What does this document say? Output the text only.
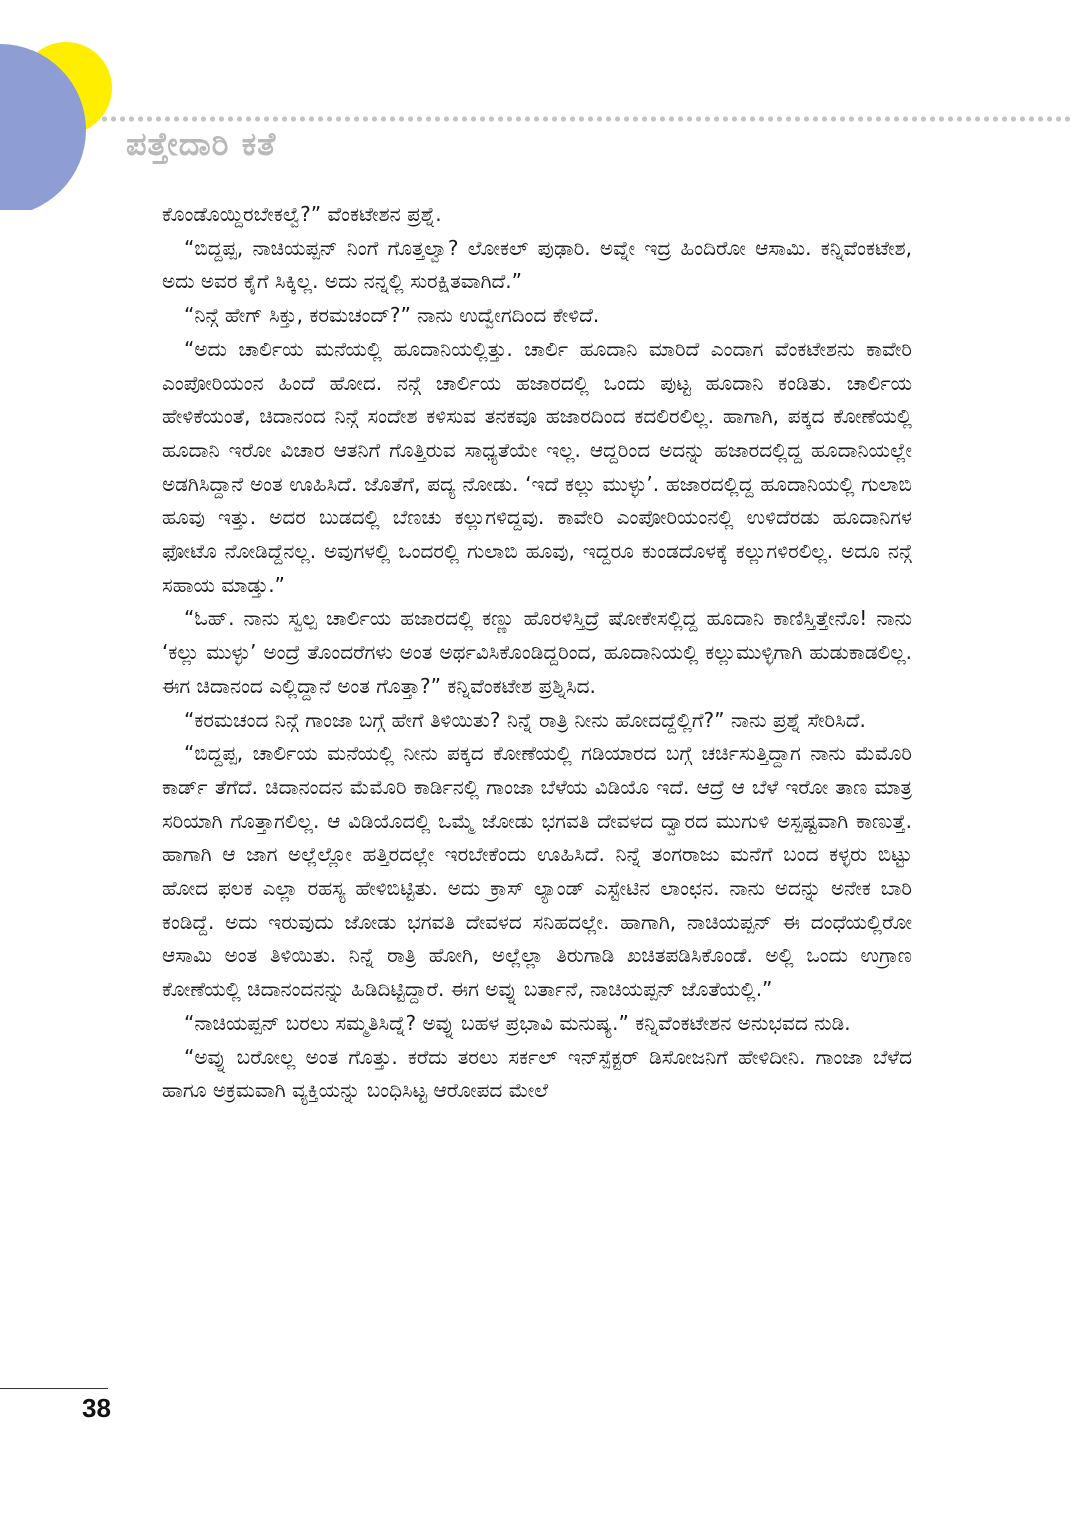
ಪತ್ತೇದಾರಿ ಕತೆ

ಕೊಂಡೊಯ್ದಿರಬೇಕಲ್ವೆ?” ವೆಂಕಟೇಶನ ಪ್ರಶ್ನೆ.

“ಬಿದ್ದಪ್ಪ, ನಾಚಿಯಪ್ಪನ್ ನಿಂಗೆ ಗೊತ್ತಲ್ವಾ? ಲೋಕಲ್ ಪುಢಾರಿ. ಅವ್ನೇ ಇದ್ರ ಹಿಂದಿರೋ ಆಸಾಮಿ. ಕನ್ನಿವೆಂಕಟೇಶ, ಅದು ಅವರ ಕೈಗೆ ಸಿಕ್ಕಿಲ್ಲ. ಅದು ನನ್ನಲ್ಲಿ ಸುರಕ್ಷಿತವಾಗಿದೆ.”

“ನಿನ್ಗೆ ಹೇಗ್ ಸಿಕ್ತು, ಕರಮಚಂದ್?” ನಾನು ಉದ್ವೇಗದಿಂದ ಕೇಳಿದೆ.

“ಅದು ಚಾರ್ಲಿಯ ಮನೆಯಲ್ಲಿ ಹೂದಾನಿಯಲ್ಲಿತ್ತು. ಚಾರ್ಲಿ ಹೂದಾನಿ ಮಾರಿದೆ ಎಂದಾಗ ವೆಂಕಟೇಶನು ಕಾವೇರಿ ಎಂಪೋರಿಯಂನ ಹಿಂದೆ ಹೋದ. ನನ್ಗೆ ಚಾರ್ಲಿಯ ಹಜಾರದಲ್ಲಿ ಒಂದು ಪುಟ್ಟ ಹೂದಾನಿ ಕಂಡಿತು. ಚಾರ್ಲಿಯ ಹೇಳಿಕೆಯಂತೆ, ಚಿದಾನಂದ ನಿನ್ಗೆ ಸಂದೇಶ ಕಳಿಸುವ ತನಕವೂ ಹಜಾರದಿಂದ ಕದಲಿರಲಿಲ್ಲ. ಹಾಗಾಗಿ, ಪಕ್ಕದ ಕೋಣೆಯಲ್ಲಿ ಹೂದಾನಿ ಇರೋ ವಿಚಾರ ಆತನಿಗೆ ಗೊತ್ತಿರುವ ಸಾಧ್ಯತೆಯೇ ಇಲ್ಲ. ಆದ್ದರಿಂದ ಅದನ್ನು ಹಜಾರದಲ್ಲಿದ್ದ ಹೂದಾನಿಯಲ್ಲೇ ಅಡಗಿಸಿದ್ದಾನೆ ಅಂತ ಊಹಿಸಿದೆ. ಜೊತೆಗೆ, ಪದ್ಯ ನೋಡು. ‘ಇದೆ ಕಲ್ಲು ಮುಳ್ಳು’. ಹಜಾರದಲ್ಲಿದ್ದ ಹೂದಾನಿಯಲ್ಲಿ ಗುಲಾಬಿ ಹೂವು ಇತ್ತು. ಅದರ ಬುಡದಲ್ಲಿ ಬೆಣಚು ಕಲ್ಲುಗಳಿದ್ದವು. ಕಾವೇರಿ ಎಂಪೋರಿಯಂನಲ್ಲಿ ಉಳಿದೆರಡು ಹೂದಾನಿಗಳ ಫೋಟೊ ನೋಡಿದ್ದೆನಲ್ಲ. ಅವುಗಳಲ್ಲಿ ಒಂದರಲ್ಲಿ ಗುಲಾಬಿ ಹೂವು, ಇದ್ದರೂ ಕುಂಡದೊಳಕ್ಕೆ ಕಲ್ಲುಗಳಿರಲಿಲ್ಲ. ಅದೂ ನನ್ಗೆ ಸಹಾಯ ಮಾಡ್ತು.”

“ಓಹ್. ನಾನು ಸ್ವಲ್ಪ ಚಾರ್ಲಿಯ ಹಜಾರದಲ್ಲಿ ಕಣ್ಣು ಹೊರಳಿಸ್ತಿದ್ರೆ ಷೋಕೇಸಲ್ಲಿದ್ದ ಹೂದಾನಿ ಕಾಣಿಸ್ತಿತ್ತೇನೊ! ನಾನು ‘ಕಲ್ಲು ಮುಳ್ಳು’ ಅಂದ್ರೆ ತೊಂದರೆಗಳು ಅಂತ ಅರ್ಥವಿಸಿಕೊಂಡಿದ್ದರಿಂದ, ಹೂದಾನಿಯಲ್ಲಿ ಕಲ್ಲುಮುಳ್ಳಿಗಾಗಿ ಹುಡುಕಾಡಲಿಲ್ಲ. ಈಗ ಚಿದಾನಂದ ಎಲ್ಲಿದ್ದಾನೆ ಅಂತ ಗೊತ್ತಾ?” ಕನ್ನಿವೆಂಕಟೇಶ ಪ್ರಶ್ನಿಸಿದ.

“ಕರಮಚಂದ ನಿನ್ಗೆ ಗಾಂಜಾ ಬಗ್ಗೆ ಹೇಗೆ ತಿಳಿಯಿತು? ನಿನ್ನೆ ರಾತ್ರಿ ನೀನು ಹೋದದ್ದೆಲ್ಲಿಗೆ?” ನಾನು ಪ್ರಶ್ನೆ ಸೇರಿಸಿದೆ.

“ಬಿದ್ದಪ್ಪ, ಚಾರ್ಲಿಯ ಮನೆಯಲ್ಲಿ ನೀನು ಪಕ್ಕದ ಕೋಣೆಯಲ್ಲಿ ಗಡಿಯಾರದ ಬಗ್ಗೆ ಚರ್ಚಿಸುತ್ತಿದ್ದಾಗ ನಾನು ಮೆಮೊರಿ ಕಾರ್ಡ್ ತೆಗೆದೆ. ಚಿದಾನಂದನ ಮೆಮೊರಿ ಕಾರ್ಡಿನಲ್ಲಿ ಗಾಂಜಾ ಬೆಳೆಯ ವಿಡಿಯೊ ಇದೆ. ಆದ್ರೆ ಆ ಬೆಳೆ ಇರೋ ತಾಣ ಮಾತ್ರ ಸರಿಯಾಗಿ ಗೊತ್ತಾಗಲಿಲ್ಲ. ಆ ವಿಡಿಯೊದಲ್ಲಿ ಒಮ್ಮೆ ಜೋಡು ಭಗವತಿ ದೇವಳದ ದ್ವಾರದ ಮುಗುಳಿ ಅಸ್ಪಷ್ಟವಾಗಿ ಕಾಣುತ್ತೆ. ಹಾಗಾಗಿ ಆ ಜಾಗ ಅಲ್ಲೆಲ್ಲೋ ಹತ್ತಿರದಲ್ಲೇ ಇರಬೇಕೆಂದು ಊಹಿಸಿದೆ. ನಿನ್ನೆ ತಂಗರಾಜು ಮನೆಗೆ ಬಂದ ಕಳ್ಳರು ಬಿಟ್ಟು ಹೋದ ಫಲಕ ಎಲ್ಲಾ ರಹಸ್ಯ ಹೇಳಿಬಿಟ್ಟಿತು. ಅದು ಕ್ರಾಸ್ ಲ್ಯಾಂಡ್ ಎಸ್ಟೇಟಿನ ಲಾಂಛನ. ನಾನು ಅದನ್ನು ಅನೇಕ ಬಾರಿ ಕಂಡಿದ್ದೆ. ಅದು ಇರುವುದು ಜೋಡು ಭಗವತಿ ದೇವಳದ ಸನಿಹದಲ್ಲೇ. ಹಾಗಾಗಿ, ನಾಚಿಯಪ್ಪನ್ ಈ ದಂಧೆಯಲ್ಲಿರೋ ಆಸಾಮಿ ಅಂತ ತಿಳಿಯಿತು. ನಿನ್ನೆ ರಾತ್ರಿ ಹೋಗಿ, ಅಲ್ಲೆಲ್ಲಾ ತಿರುಗಾಡಿ ಖಚಿತಪಡಿಸಿಕೊಂಡೆ. ಅಲ್ಲಿ ಒಂದು ಉಗ್ರಾಣ ಕೋಣೆಯಲ್ಲಿ ಚಿದಾನಂದನನ್ನು ಹಿಡಿದಿಟ್ಟಿದ್ದಾರೆ. ಈಗ ಅವ್ನು ಬರ್ತಾನೆ, ನಾಚಿಯಪ್ಪನ್ ಜೊತೆಯಲ್ಲಿ.”

“ನಾಚಿಯಪ್ಪನ್ ಬರಲು ಸಮ್ಮತಿಸಿದ್ನೆ? ಅವ್ನು ಬಹಳ ಪ್ರಭಾವಿ ಮನುಷ್ಯ.” ಕನ್ನಿವೆಂಕಟೇಶನ ಅನುಭವದ ನುಡಿ.

“ಅವ್ನು ಬರೋಲ್ಲ ಅಂತ ಗೊತ್ತು. ಕರೆದು ತರಲು ಸರ್ಕಲ್ ಇನ್‌ಸ್ಪೆಕ್ಟರ್ ಡಿಸೋಜನಿಗೆ ಹೇಳಿದೀನಿ. ಗಾಂಜಾ ಬೆಳೆದ ಹಾಗೂ ಅಕ್ರಮವಾಗಿ ವ್ಯಕ್ತಿಯನ್ನು ಬಂಧಿಸಿಟ್ಟ ಆರೋಪದ ಮೇಲೆ

38
